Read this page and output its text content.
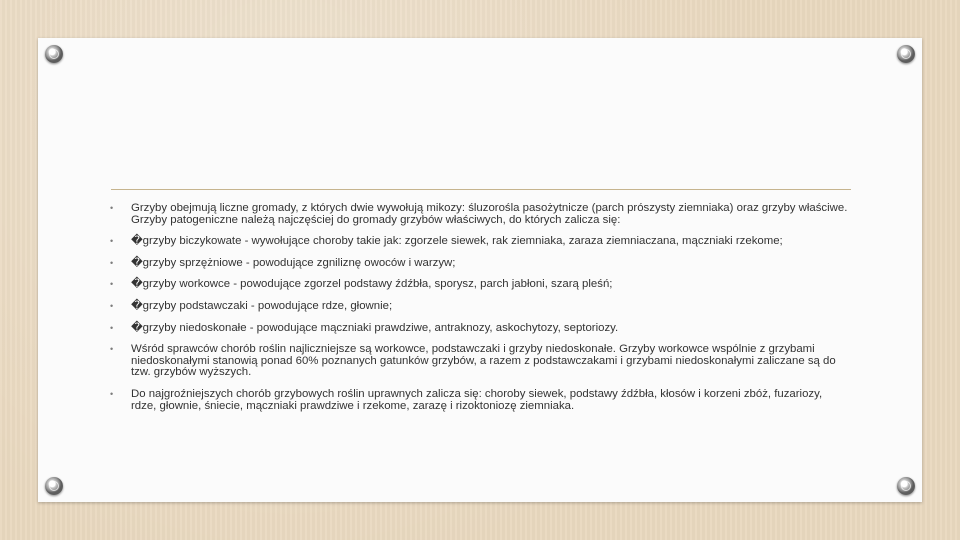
• Grzyby obejmują liczne gromady, z których dwie wywołują mikozy: śluzorośla pasożytnicze (parch prószysty ziemniaka) oraz grzyby właściwe. Grzyby patogeniczne należą najczęściej do gromady grzybów właściwych, do których zalicza się:
• �grzyby biczykowate - wywołujące choroby takie jak: zgorzele siewek, rak ziemniaka, zaraza ziemniaczana, mączniaki rzekome;
• �grzyby sprzężniowe - powodujące zgniliznę owoców i warzyw;
• �grzyby workowce - powodujące zgorzel podstawy źdźbła, sporysz, parch jabłoni, szarą pleśń;
• �grzyby podstawczaki - powodujące rdze, głownie;
• �grzyby niedoskonałe - powodujące mączniaki prawdziwe, antraknozy, askochytozy, septoriozy.
• Wśród sprawców chorób roślin najliczniejsze są workowce, podstawczaki i grzyby niedoskonałe. Grzyby workowce wspólnie z grzybami niedoskonałymi stanowią ponad 60% poznanych gatunków grzybów, a razem z podstawczakami i grzybami niedoskonałymi zaliczane są do tzw. grzybów wyższych.
• Do najgroźniejszych chorób grzybowych roślin uprawnych zalicza się: choroby siewek, podstawy źdźbła, kłosów i korzeni zbóż, fuzariozy, rdze, głownie, śniecie, mączniaki prawdziwe i rzekome, zarazę i rizoktoniozę ziemniaka.
